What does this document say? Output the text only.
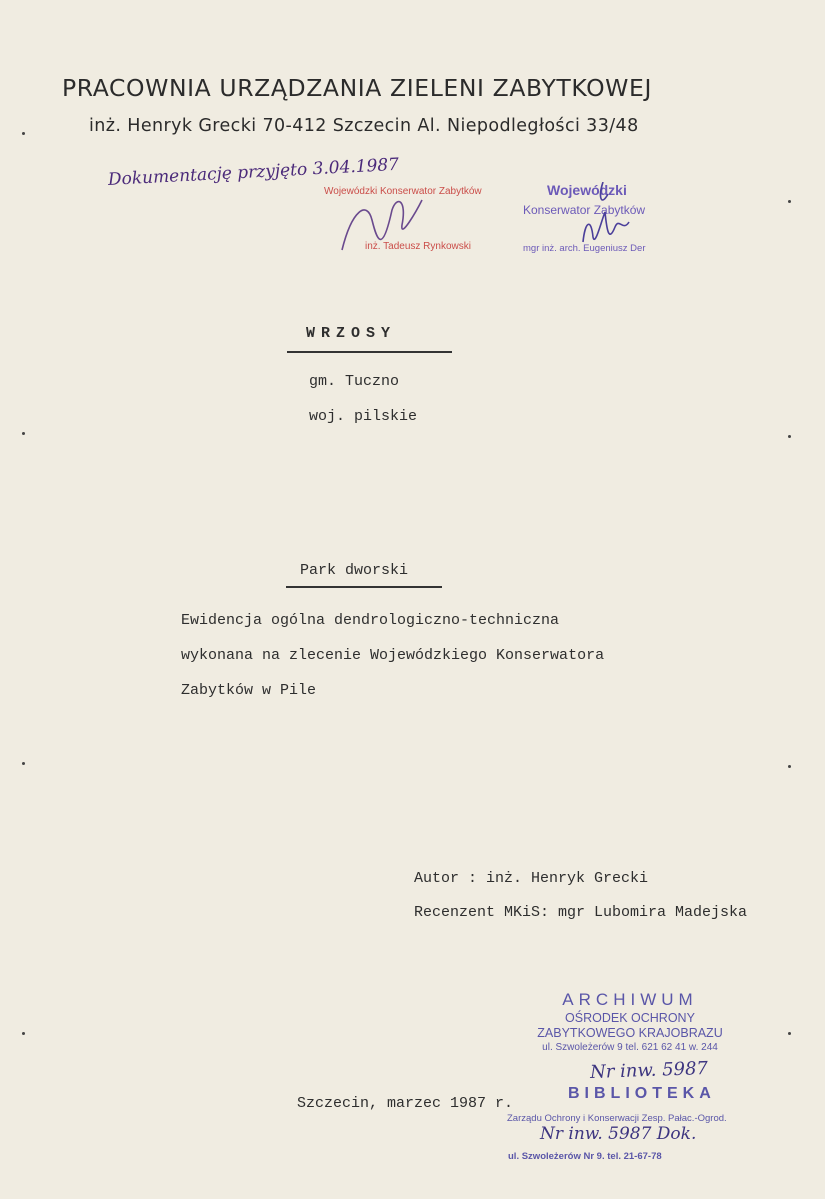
PRACOWNIA URZĄDZANIA ZIELENI ZABYTKOWEJ
inż. Henryk Grecki 70-412 Szczecin Al. Niepodległości 33/48
Dokumentację przyjęto 3.04.1987
Wojewódzki Konserwator Zabytków
inż. Tadeusz Rynkowski
Wojewódzki
Konserwator Zabytków
mgr inż. arch. Eugeniusz Der
WRZOSY
gm. Tuczno
woj. pilskie
Park dworski
Ewidencja ogólna dendrologiczno-techniczna
wykonana na zlecenie Wojewódzkiego Konserwatora
Zabytków w Pile
Autor : inż. Henryk Grecki
Recenzent MKiS: mgr Lubomira Madejska
ARCHIWUM
OŚRODEK OCHRONY
ZABYTKOWEGO KRAJOBRAZU
ul. Szwoleżerów 9 tel. 621 62 41 w. 244
Nr inw. 5987
Szczecin, marzec 1987 r.
BIBLIOTEKA
Zarządu Ochrony i Konserwacji Zesp. Pałac.-Ogrod.
ul. Szwoleżerów Nr 9. tel. 21-67-78
Nr inw. 5987 Dok.
